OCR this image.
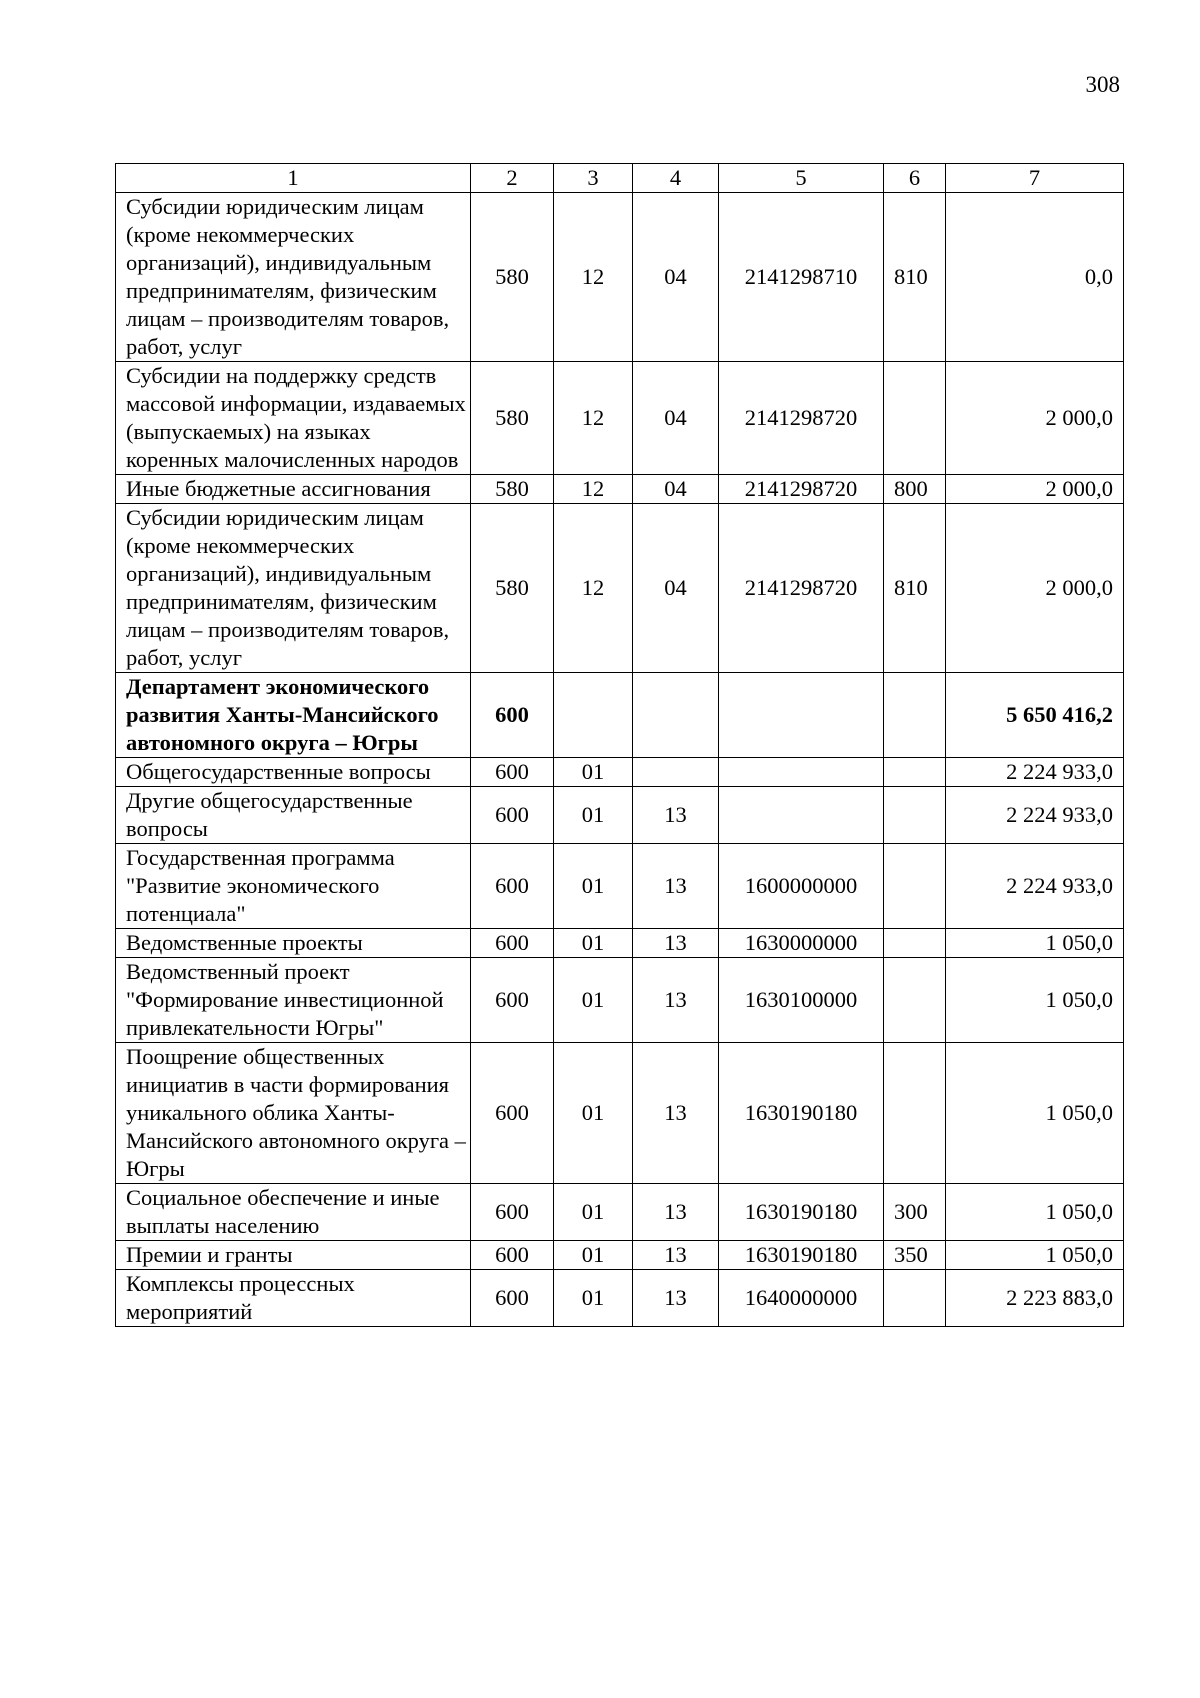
308
1	2	3	4	5	6	7
Субсидии юридическим лицам (кроме некоммерческих организаций), индивидуальным предпринимателям, физическим лицам – производителям товаров, работ, услуг	580	12	04	2141298710	810	0,0
Субсидии на поддержку средств массовой информации, издаваемых (выпускаемых) на языках коренных малочисленных народов	580	12	04	2141298720		2 000,0
Иные бюджетные ассигнования	580	12	04	2141298720	800	2 000,0
Субсидии юридическим лицам (кроме некоммерческих организаций), индивидуальным предпринимателям, физическим лицам – производителям товаров, работ, услуг	580	12	04	2141298720	810	2 000,0
Департамент экономического развития Ханты-Мансийского автономного округа – Югры	600					5 650 416,2
Общегосударственные вопросы	600	01				2 224 933,0
Другие общегосударственные вопросы	600	01	13			2 224 933,0
Государственная программа "Развитие экономического потенциала"	600	01	13	1600000000		2 224 933,0
Ведомственные проекты	600	01	13	1630000000		1 050,0
Ведомственный проект "Формирование инвестиционной привлекательности Югры"	600	01	13	1630100000		1 050,0
Поощрение общественных инициатив в части формирования уникального облика Ханты-Мансийского автономного округа – Югры	600	01	13	1630190180		1 050,0
Социальное обеспечение и иные выплаты населению	600	01	13	1630190180	300	1 050,0
Премии и гранты	600	01	13	1630190180	350	1 050,0
Комплексы процессных мероприятий	600	01	13	1640000000		2 223 883,0
